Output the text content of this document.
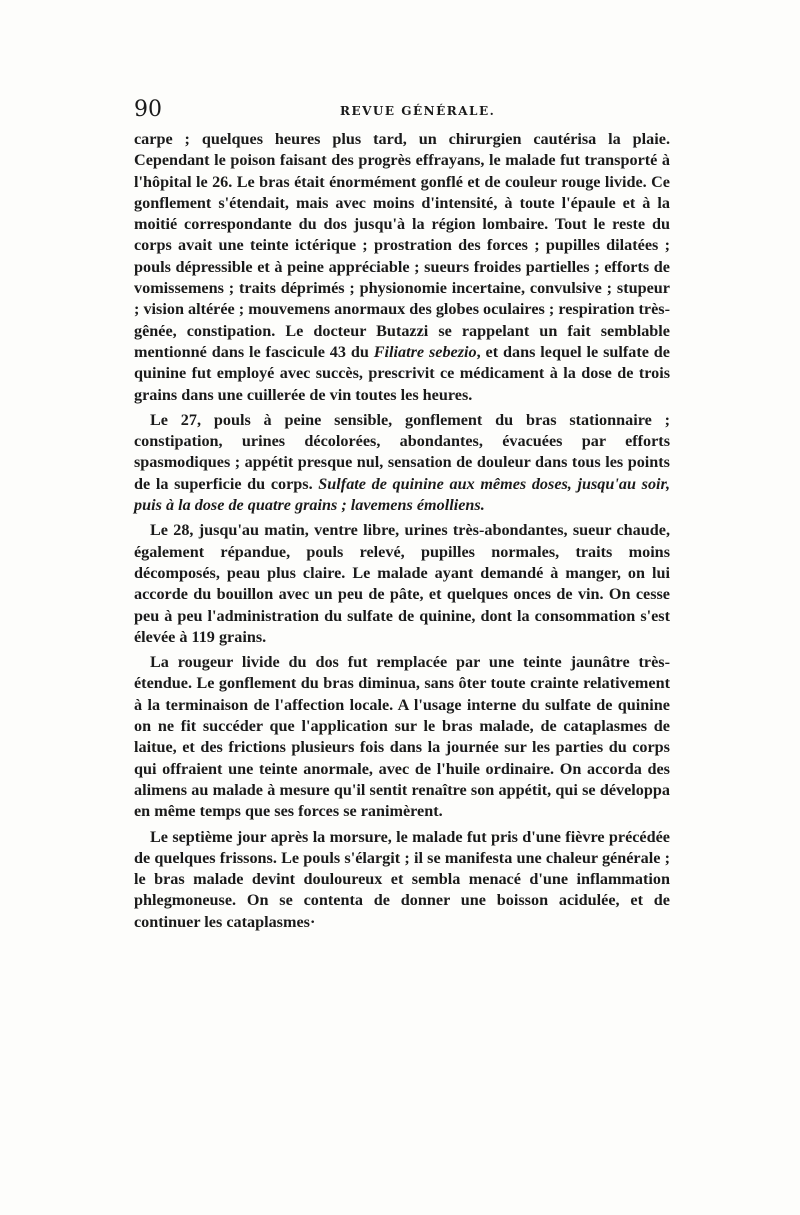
90	REVUE GÉNÉRALE.

carpe ; quelques heures plus tard, un chirurgien cautérisa la plaie. Cependant le poison faisant des progrès effrayans, le malade fut transporté à l'hôpital le 26. Le bras était énormément gonflé et de couleur rouge livide. Ce gonflement s'étendait, mais avec moins d'intensité, à toute l'épaule et à la moitié correspondante du dos jusqu'à la région lombaire. Tout le reste du corps avait une teinte ictérique ; prostration des forces ; pupilles dilatées ; pouls dépressible et à peine appréciable ; sueurs froides partielles ; efforts de vomissemens ; traits déprimés ; physionomie incertaine, convulsive ; stupeur ; vision altérée ; mouvemens anormaux des globes oculaires ; respiration très-gênée, constipation. Le docteur Butazzi se rappelant un fait semblable mentionné dans le fascicule 43 du Filiatre sebezio, et dans lequel le sulfate de quinine fut employé avec succès, prescrivit ce médicament à la dose de trois grains dans une cuillerée de vin toutes les heures.

Le 27, pouls à peine sensible, gonflement du bras stationnaire ; constipation, urines décolorées, abondantes, évacuées par efforts spasmodiques ; appétit presque nul, sensation de douleur dans tous les points de la superficie du corps. Sulfate de quinine aux mêmes doses, jusqu'au soir, puis à la dose de quatre grains ; lavemens émolliens.

Le 28, jusqu'au matin, ventre libre, urines très-abondantes, sueur chaude, également répandue, pouls relevé, pupilles normales, traits moins décomposés, peau plus claire. Le malade ayant demandé à manger, on lui accorde du bouillon avec un peu de pâte, et quelques onces de vin. On cesse peu à peu l'administration du sulfate de quinine, dont la consommation s'est élevée à 119 grains.

La rougeur livide du dos fut remplacée par une teinte jaunâtre très-étendue. Le gonflement du bras diminua, sans ôter toute crainte relativement à la terminaison de l'affection locale. A l'usage interne du sulfate de quinine on ne fit succéder que l'application sur le bras malade, de cataplasmes de laitue, et des frictions plusieurs fois dans la journée sur les parties du corps qui offraient une teinte anormale, avec de l'huile ordinaire. On accorda des alimens au malade à mesure qu'il sentit renaître son appétit, qui se développa en même temps que ses forces se ranimèrent.

Le septième jour après la morsure, le malade fut pris d'une fièvre précédée de quelques frissons. Le pouls s'élargit ; il se manifesta une chaleur générale ; le bras malade devint douloureux et sembla menacé d'une inflammation phlegmoneuse. On se contenta de donner une boisson acidulée, et de continuer les cataplasmes·
